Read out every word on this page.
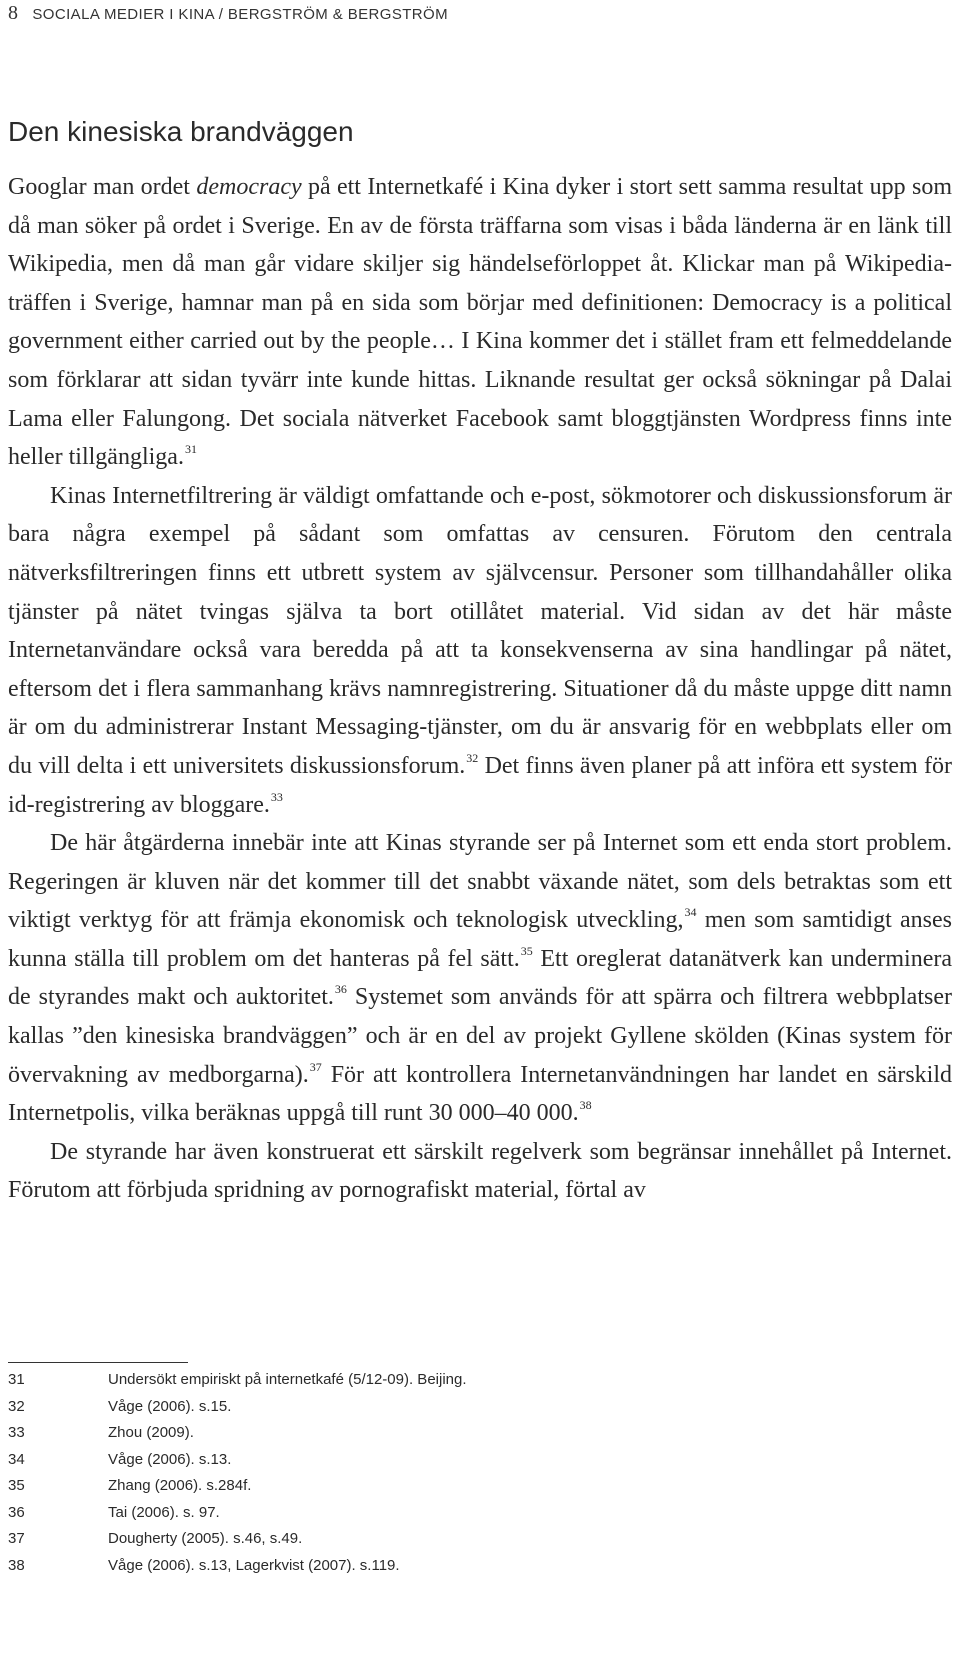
8 SOCIALA MEDIER I KINA / BERGSTRÖM & BERGSTRÖM
Den kinesiska brandväggen

Googlar man ordet democracy på ett Internetkafé i Kina dyker i stort sett samma resultat upp som då man söker på ordet i Sverige. En av de första träffarna som visas i båda länderna är en länk till Wikipedia, men då man går vidare skiljer sig händelseförloppet åt. Klickar man på Wikipedia-träffen i Sverige, hamnar man på en sida som börjar med definitionen: Democracy is a political government either carried out by the people… I Kina kommer det i stället fram ett felmeddelande som förklarar att sidan tyvärr inte kunde hittas. Liknande resultat ger också sökningar på Dalai Lama eller Falungong. Det sociala nätverket Facebook samt bloggtjänsten Wordpress finns inte heller tillgängliga.$^{31}$

Kinas Internetfiltrering är väldigt omfattande och e-post, sökmotorer och diskussionsforum är bara några exempel på sådant som omfattas av censuren. Förutom den centrala nätverksfiltreringen finns ett utbrett system av självcensur. Personer som tillhandahåller olika tjänster på nätet tvingas själva ta bort otillåtet material. Vid sidan av det här måste Internetanvändare också vara beredda på att ta konsekvenserna av sina handlingar på nätet, eftersom det i flera sammanhang krävs namnregistrering. Situationer då du måste uppge ditt namn är om du administrerar Instant Messaging-tjänster, om du är ansvarig för en webbplats eller om du vill delta i ett universitets diskussionsforum.$^{32}$ Det finns även planer på att införa ett system för id-registrering av bloggare.$^{33}$

De här åtgärderna innebär inte att Kinas styrande ser på Internet som ett enda stort problem. Regeringen är kluven när det kommer till det snabbt växande nätet, som dels betraktas som ett viktigt verktyg för att främja ekonomisk och teknologisk utveckling,$^{34}$ men som samtidigt anses kunna ställa till problem om det hanteras på fel sätt.$^{35}$ Ett oreglerat datanätverk kan underminera de styrandes makt och auktoritet.$^{36}$ Systemet som används för att spärra och filtrera webbplatser kallas ”den kinesiska brandväggen” och är en del av projekt Gyllene skölden (Kinas system för övervakning av medborgarna).$^{37}$ För att kontrollera Internetanvändningen har landet en särskild Internetpolis, vilka beräknas uppgå till runt 30 000–40 000.38

De styrande har även konstruerat ett särskilt regelverk som begränsar innehållet på Internet. Förutom att förbjuda spridning av pornografiskt material, förtal av

31	Undersökt empiriskt på internetkafé (5/12-09). Beijing.
32	Våge (2006). s.15.
33	Zhou (2009).
34	Våge (2006). s.13.
35	Zhang (2006). s.284f.
36	Tai (2006). s. 97.
37	Dougherty (2005). s.46, s.49.
38	Våge (2006). s.13, Lagerkvist (2007). s.119.
